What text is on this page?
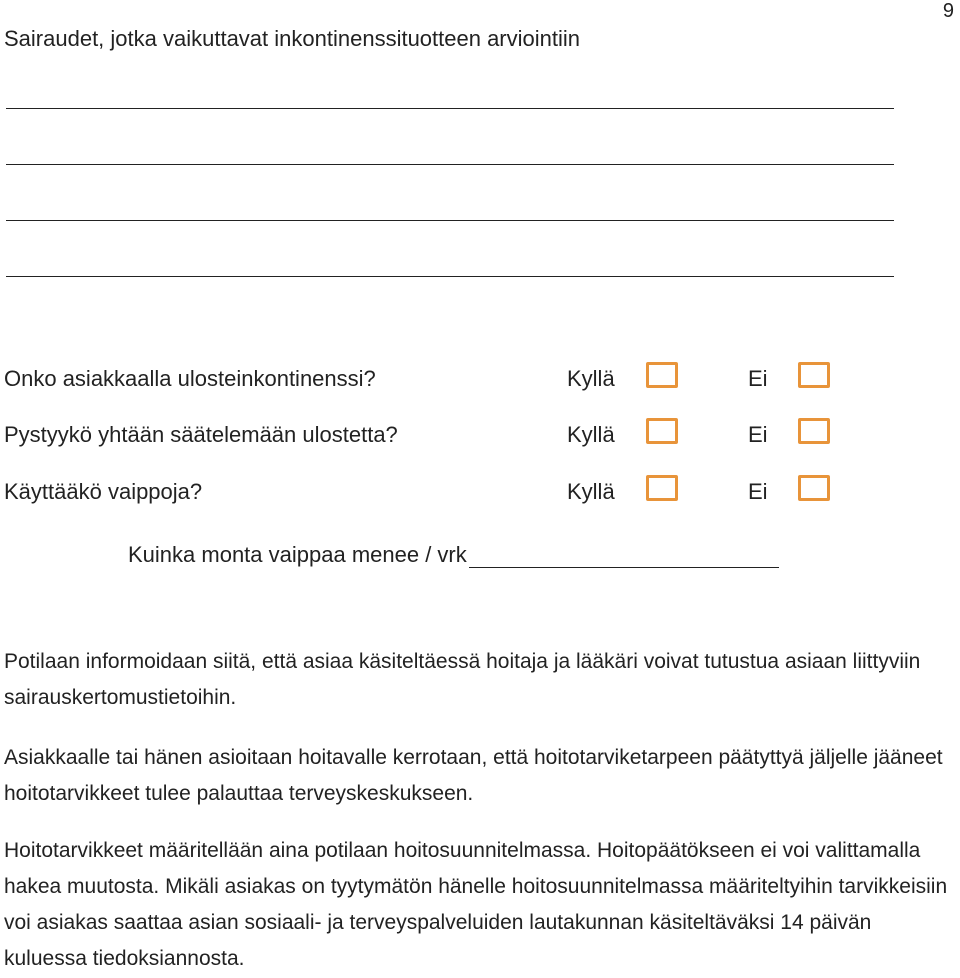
9
Sairaudet, jotka vaikuttavat inkontinenssituotteen arviointiin
Onko asiakkaalla ulosteinkontinenssi?	Kyllä	Ei
Pystyykö yhtään säätelemään ulostetta?	Kyllä	Ei
Käyttääkö vaippoja?	Kyllä	Ei
Kuinka monta vaippaa menee / vrk

Potilaan informoidaan siitä, että asiaa käsiteltäessä hoitaja ja lääkäri voivat tutustua asiaan liittyviin sairauskertomustietoihin.

Asiakkaalle tai hänen asioitaan hoitavalle kerrotaan, että hoitotarviketarpeen päätyttyä jäljelle jääneet hoitotarvikkeet tulee palauttaa terveyskeskukseen.

Hoitotarvikkeet määritellään aina potilaan hoitosuunnitelmassa. Hoitopäätökseen ei voi valittamalla hakea muutosta. Mikäli asiakas on tyytymätön hänelle hoitosuunnitelmassa määriteltyihin tarvikkeisiin voi asiakas saattaa asian sosiaali- ja terveyspalveluiden lautakunnan käsiteltäväksi 14 päivän kuluessa tiedoksiannosta.
